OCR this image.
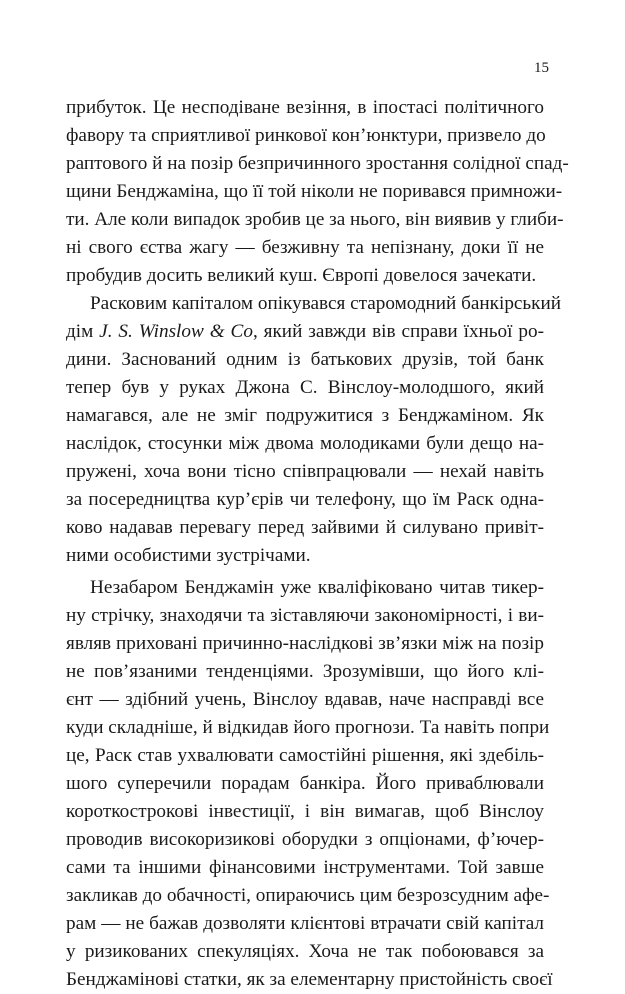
15

прибуток. Це несподіване везіння, в іпостасі політичного
фавору та сприятливої ринкової кон’юнктури, призвело до
раптового й на позір безпричинного зростання солідної спад-
щини Бенджаміна, що її той ніколи не поривався примножи-
ти. Але коли випадок зробив це за нього, він виявив у глиби-
ні свого єства жагу — безживну та непізнану, доки її не
пробудив досить великий куш. Європі довелося зачекати.

Расковим капіталом опікувався старомодний банкірський
дім J. S. Winslow & Co, який завжди вів справи їхньої ро-
дини. Заснований одним із батькових друзів, той банк
тепер був у руках Джона С. Вінслоу-молодшого, який
намагався, але не зміг подружитися з Бенджаміном. Як
наслідок, стосунки між двома молодиками були дещо на-
пружені, хоча вони тісно співпрацювали — нехай навіть
за посередництва кур’єрів чи телефону, що їм Раск одна-
ково надавав перевагу перед зайвими й силувано привіт-
ними особистими зустрічами.

Незабаром Бенджамін уже кваліфіковано читав тикер-
ну стрічку, знаходячи та зіставляючи закономірності, і ви-
являв приховані причинно-наслідкові зв’язки між на позір
не пов’язаними тенденціями. Зрозумівши, що його клі-
єнт — здібний учень, Вінслоу вдавав, наче насправді все
куди складніше, й відкидав його прогнози. Та навіть попри
це, Раск став ухвалювати самостійні рішення, які здебіль-
шого суперечили порадам банкіра. Його приваблювали
короткострокові інвестиції, і він вимагав, щоб Вінслоу
проводив високоризикові оборудки з опціонами, ф’ючер-
сами та іншими фінансовими інструментами. Той завше
закликав до обачності, опираючись цим безрозсудним афе-
рам — не бажав дозволяти клієнтові втрачати свій капітал
у ризикованих спекуляціях. Хоча не так побоювався за
Бенджамінові статки, як за елементарну пристойність своєї
